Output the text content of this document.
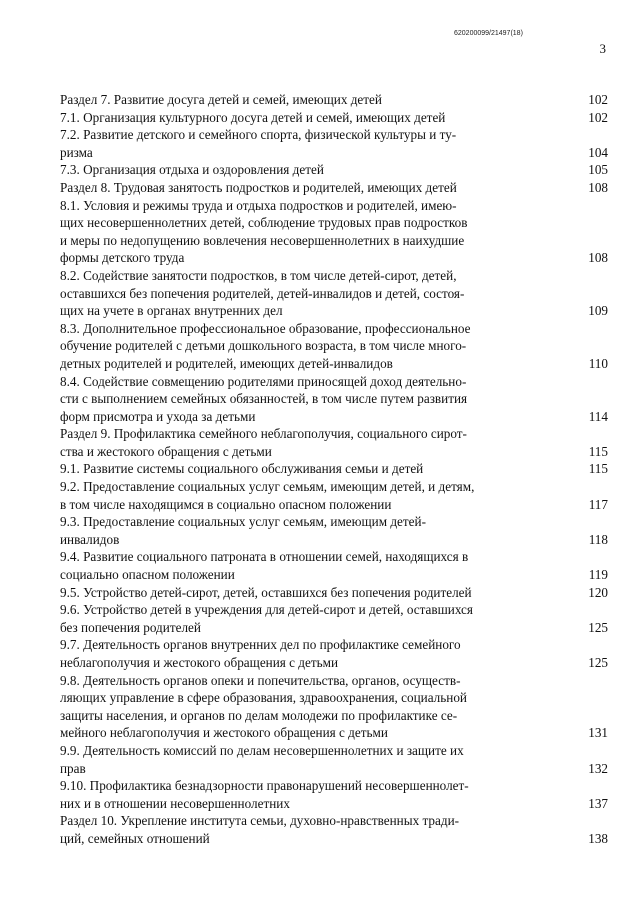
620200099/21497(18)
3
Раздел 7. Развитие досуга детей и семей, имеющих детей	102
7.1. Организация культурного досуга детей и семей, имеющих детей	102
7.2. Развитие детского и семейного спорта, физической культуры и ту-
ризма	104
7.3. Организация отдыха и оздоровления детей	105
Раздел 8. Трудовая занятость подростков и родителей, имеющих детей	108
8.1. Условия и режимы труда и отдыха подростков и родителей, имею-
щих несовершеннолетних детей, соблюдение трудовых прав подростков
и меры по недопущению вовлечения несовершеннолетних в наихудшие
формы детского труда	108
8.2. Содействие занятости подростков, в том числе детей-сирот, детей,
оставшихся без попечения родителей, детей-инвалидов и детей, состоя-
щих на учете в органах внутренних дел	109
8.3. Дополнительное профессиональное образование, профессиональное
обучение родителей с детьми дошкольного возраста, в том числе много-
детных родителей и родителей, имеющих детей-инвалидов	110
8.4. Содействие совмещению родителями приносящей доход деятельно-
сти с выполнением семейных обязанностей, в том числе путем развития
форм присмотра и ухода за детьми	114
Раздел 9. Профилактика семейного неблагополучия, социального сирот-
ства и жестокого обращения с детьми	115
9.1. Развитие системы социального обслуживания семьи и детей	115
9.2. Предоставление социальных услуг семьям, имеющим детей, и детям,
в том числе находящимся в социально опасном положении	117
9.3. Предоставление социальных услуг семьям, имеющим детей-
инвалидов	118
9.4. Развитие социального патроната в отношении семей, находящихся в
социально опасном положении	119
9.5. Устройство детей-сирот, детей, оставшихся без попечения родителей	120
9.6. Устройство детей в учреждения для детей-сирот и детей, оставшихся
без попечения родителей	125
9.7. Деятельность органов внутренних дел по профилактике семейного
неблагополучия и жестокого обращения с детьми	125
9.8. Деятельность органов опеки и попечительства, органов, осуществ-
ляющих управление в сфере образования, здравоохранения, социальной
защиты населения, и органов по делам молодежи по профилактике се-
мейного неблагополучия и жестокого обращения с детьми	131
9.9. Деятельность комиссий по делам несовершеннолетних и защите их
прав	132
9.10. Профилактика безнадзорности правонарушений несовершеннолет-
них и в отношении несовершеннолетних	137
Раздел 10. Укрепление института семьи, духовно-нравственных тради-
ций, семейных отношений	138
